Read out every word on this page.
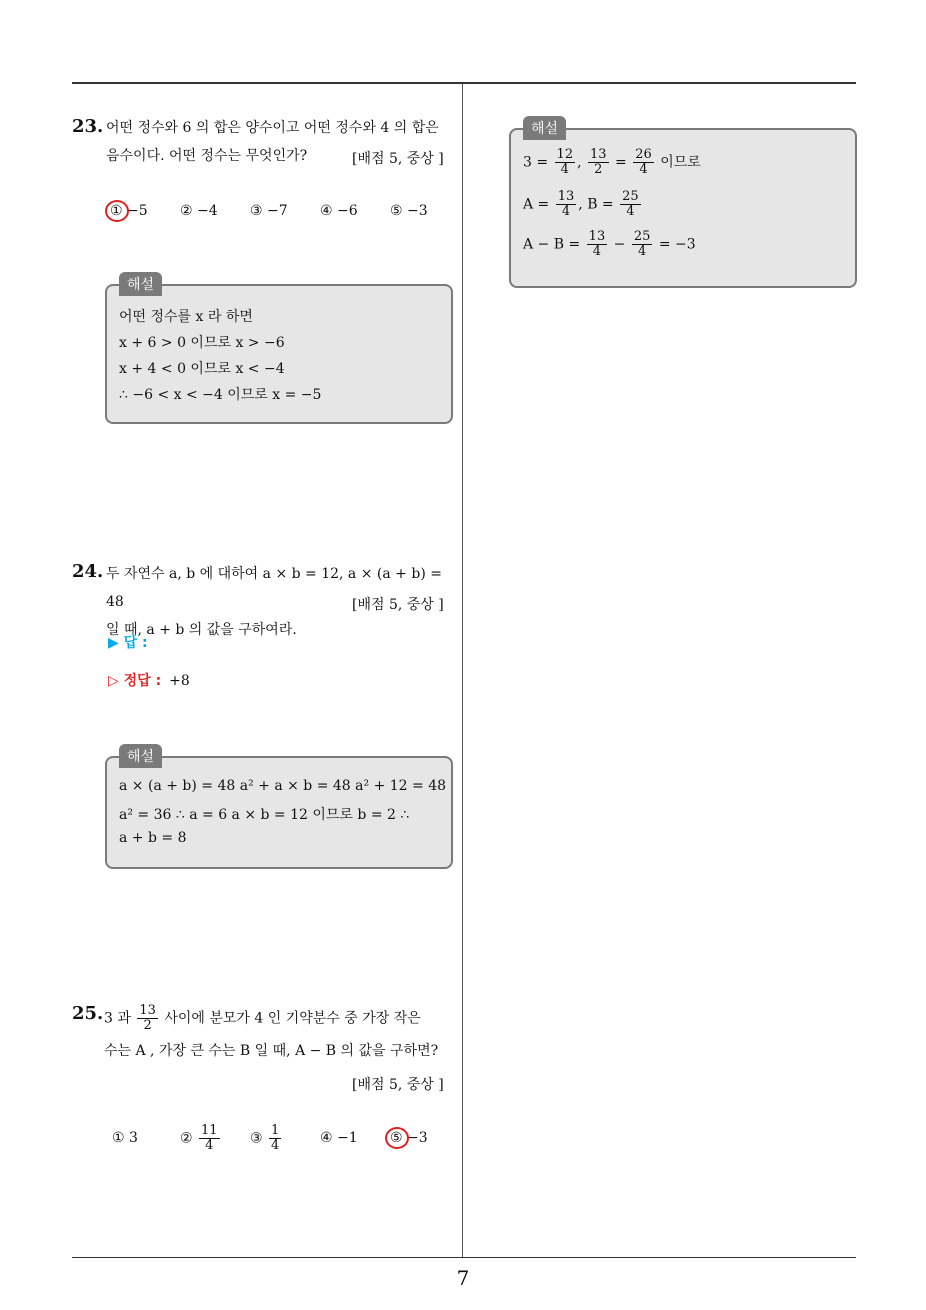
23. 어떤 정수와 6 의 합은 양수이고 어떤 정수와 4 의 합은
음수이다. 어떤 정수는 무엇인가?	[배점 5, 중상 ]
① −5 ② −4 ③ −7 ④ −6 ⑤ −3
해설
어떤 정수를 x 라 하면
x + 6 > 0 이므로 x > −6
x + 4 < 0 이므로 x < −4
∴ −6 < x < −4 이므로 x = −5
24. 두 자연수 a, b 에 대하여 a × b = 12, a × (a + b) = 48
일 때, a + b 의 값을 구하여라.
[배점 5, 중상 ]
▶ 답 :
▷ 정답 : +8
해설
a × (a + b) = 48 a² + a × b = 48 a² + 12 = 48
a² = 36 ∴ a = 6 a × b = 12 이므로 b = 2 ∴
a + b = 8
25. 3 과 $\frac{13}{2}$ 사이에 분모가 4 인 기약분수 중 가장 작은
수는 A , 가장 큰 수는 B 일 때, A − B 의 값을 구하면?
[배점 5, 중상 ]
① 3	② $\frac{11}{4}$ ③ $\frac{1}{4}$	④ −1 ⑤ −3
해설
$3 = \frac{12}{4}$ , $\frac{13}{2} = \frac{26}{4}$ 이므로
$A = \frac{13}{4}$ , $B = \frac{25}{4}$
$A - B = \frac{13}{4} - \frac{25}{4} = -3$
7
